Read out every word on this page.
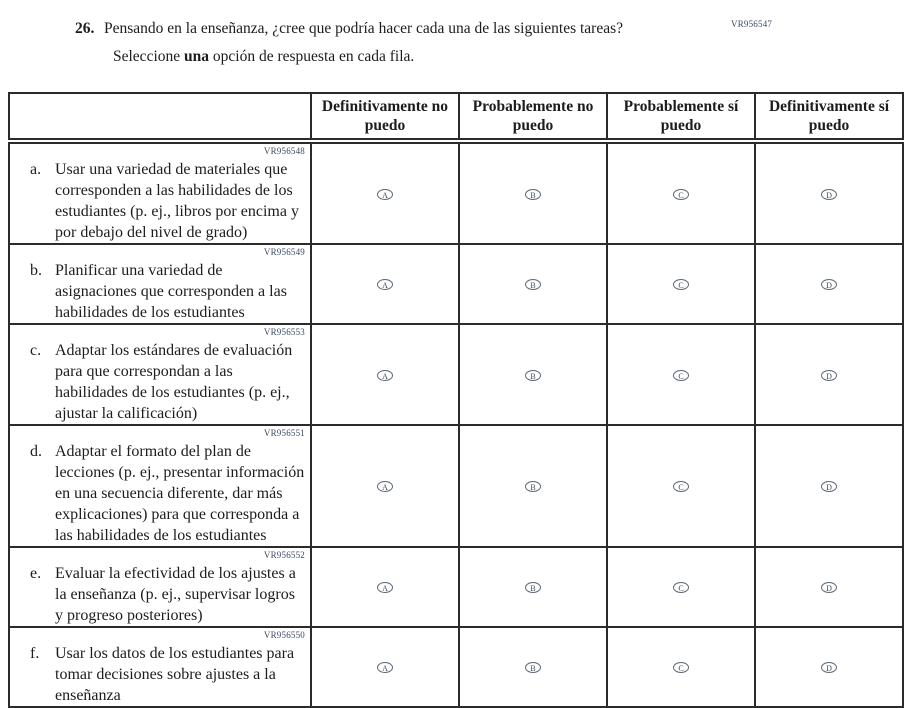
VR956547
26. Pensando en la enseñanza, ¿cree que podría hacer cada una de las siguientes tareas?
Seleccione una opción de respuesta en cada fila.
	Definitivamente no puedo	Probablemente no puedo	Probablemente sí puedo	Definitivamente sí puedo

VR956548
a. Usar una variedad de materiales que corresponden a las habilidades de los estudiantes (p. ej., libros por encima y por debajo del nivel de grado)	A	B	C	D

VR956549
b. Planificar una variedad de asignaciones que corresponden a las habilidades de los estudiantes	A	B	C	D

VR956553
c. Adaptar los estándares de evaluación para que correspondan a las habilidades de los estudiantes (p. ej., ajustar la calificación)	A	B	C	D

VR956551
d. Adaptar el formato del plan de lecciones (p. ej., presentar información en una secuencia diferente, dar más explicaciones) para que corresponda a las habilidades de los estudiantes	A	B	C	D

VR956552
e. Evaluar la efectividad de los ajustes a la enseñanza (p. ej., supervisar logros y progreso posteriores)	A	B	C	D

VR956550
f. Usar los datos de los estudiantes para tomar decisiones sobre ajustes a la enseñanza	A	B	C	D
